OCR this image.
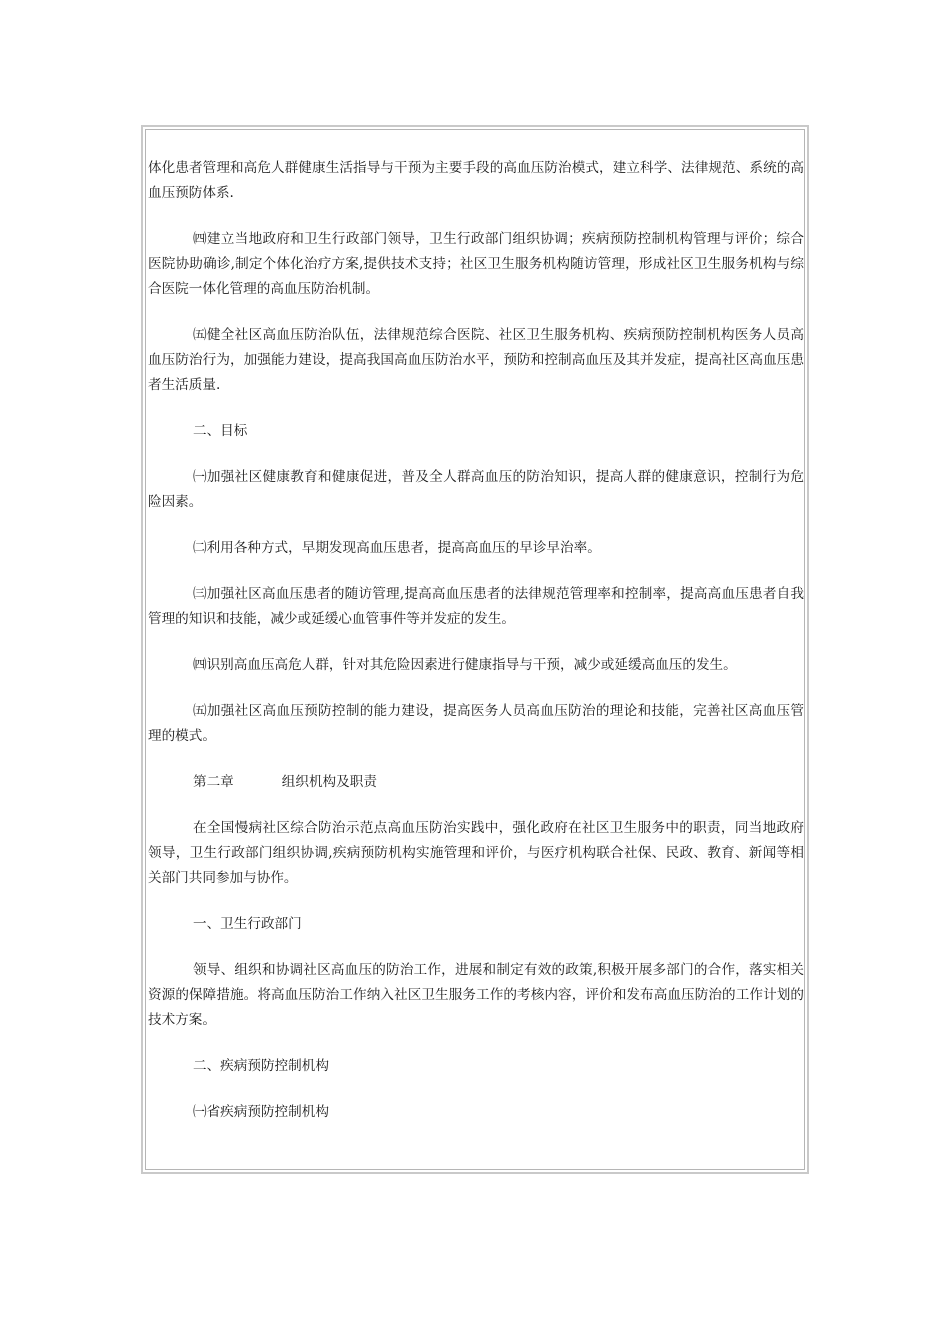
体化患者管理和高危人群健康生活指导与干预为主要手段的高血压防治模式，建立科学、法律规范、系统的高血压预防体系.

㈣建立当地政府和卫生行政部门领导，卫生行政部门组织协调；疾病预防控制机构管理与评价；综合医院协助确诊,制定个体化治疗方案,提供技术支持；社区卫生服务机构随访管理，形成社区卫生服务机构与综合医院一体化管理的高血压防治机制。

㈤健全社区高血压防治队伍，法律规范综合医院、社区卫生服务机构、疾病预防控制机构医务人员高血压防治行为，加强能力建设，提高我国高血压防治水平，预防和控制高血压及其并发症，提高社区高血压患者生活质量.

二、目标

㈠加强社区健康教育和健康促进，普及全人群高血压的防治知识，提高人群的健康意识，控制行为危险因素。

㈡利用各种方式，早期发现高血压患者，提高高血压的早诊早治率。

㈢加强社区高血压患者的随访管理,提高高血压患者的法律规范管理率和控制率，提高高血压患者自我管理的知识和技能，减少或延缓心血管事件等并发症的发生。

㈣识别高血压高危人群，针对其危险因素进行健康指导与干预，减少或延缓高血压的发生。

㈤加强社区高血压预防控制的能力建设，提高医务人员高血压防治的理论和技能，完善社区高血压管理的模式。

第二章	组织机构及职责

在全国慢病社区综合防治示范点高血压防治实践中，强化政府在社区卫生服务中的职责，同当地政府领导，卫生行政部门组织协调,疾病预防机构实施管理和评价，与医疗机构联合社保、民政、教育、新闻等相关部门共同参加与协作。

一、卫生行政部门

领导、组织和协调社区高血压的防治工作，进展和制定有效的政策,积极开展多部门的合作，落实相关资源的保障措施。将高血压防治工作纳入社区卫生服务工作的考核内容，评价和发布高血压防治的工作计划的技术方案。

二、疾病预防控制机构

㈠省疾病预防控制机构
